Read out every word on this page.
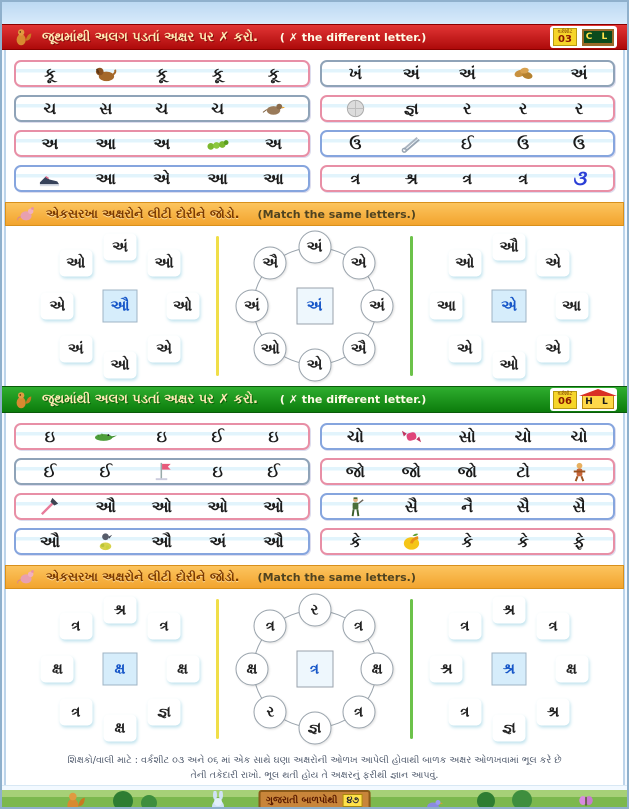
જૂથમાંથી અલગ પડતાં અક્ષર પર ✗ કરો. ( ✗ the different letter.)	વર્કશીટ
03	C L
કૂ	કૂ	કૂ	કૂ
ચ	સ	ચ	ચ
અ	આ	અ	અ
આ	એ	આ	આ
ખં	અં	અં	અં
જ્ઞ	ર	ર	ર
ઉ	ઈ	ઉ	ઉ
ત્ર	શ્ર	ત્ર	ત્ર	૩
એકસરખા અક્ષરોને લીટી દોરીને જોડો. (Match the same letters.)
અં
ઓ
ઓ
એ
ઓ
અં
એ
ઓ
ઔ
અં
એ
અં
ઐ
એ
ઓ
અં
ઐ
અં
ઔ
એ
આ
એ
ઓ
એ
આ
ઓ
એ
જૂથમાંથી અલગ પડતાં અક્ષર પર ✗ કરો. ( ✗ the different letter.)	વર્કશીટ
06	H L
ઇ	ઇ	ઈ	ઇ
ઈ	ઈ	ઇ	ઈ
ઔ	ઓ	ઓ	ઓ
ઔ	ઔ	અં	ઔ
ચો	સો	ચો	ચો
જો	જો	જો	ટો
સૈ	નૈ	સૈ	સૈ
કે	કે	કે	ફે
એકસરખા અક્ષરોને લીટી દોરીને જોડો. (Match the same letters.)
શ્ર
ત્ર
ક્ષ
જ્ઞ
ક્ષ
ત્ર
ક્ષ
ત્ર
ક્ષ
ર
ત્ર
ક્ષ
ત્ર
જ્ઞ
ર
ક્ષ
ત્ર
ત્ર
શ્ર
ત્ર
ક્ષ
શ્ર
જ્ઞ
ત્ર
શ્ર
ત્ર
શ્ર
શિક્ષકો/વાલી માટે : વર્કશીટ ૦૩ અને ૦૬ માં એક સાથે ઘણા અક્ષરોની ઓળખ આપેલી હોવાથી બાળક અક્ષર ઓળખવામાં ભૂલ કરે છે
તેની તકેદારી રાખો. ભૂલ થતી હોય તે અક્ષરનું ફરીથી જ્ઞાન આપવું.
ગુજરાતી બાળપોથી ૪૭
